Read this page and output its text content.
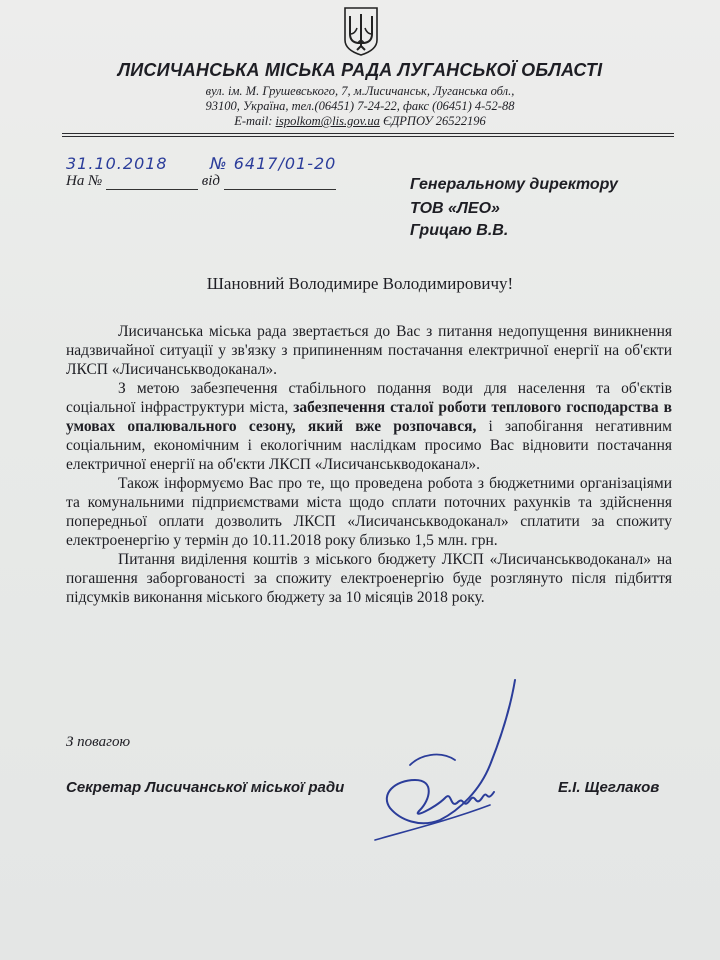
ЛИСИЧАНСЬКА МІСЬКА РАДА ЛУГАНСЬКОЇ ОБЛАСТІ
вул. ім. М. Грушевського, 7, м.Лисичанськ, Луганська обл.,
93100, Україна, тел.(06451) 7-24-22, факс (06451) 4-52-88
E-mail: ispolkom@lis.gov.ua ЄДРПОУ 26522196
31.10.2018	№ 6417/01-20
На №	від	Генеральному директору
ТОВ «ЛЕО»
Грицаю В.В.
Шановний Володимире Володимировичу!

Лисичанська міська рада звертається до Вас з питання недопущення виникнення надзвичайної ситуації у зв'язку з припиненням постачання електричної енергії на об'єкти ЛКСП «Лисичанськводоканал».

З метою забезпечення стабільного подання води для населення та об'єктів соціальної інфраструктури міста, забезпечення сталої роботи теплового господарства в умовах опалювального сезону, який вже розпочався, і запобігання негативним соціальним, економічним і екологічним наслідкам просимо Вас відновити постачання електричної енергії на об'єкти ЛКСП «Лисичанськводоканал».

Також інформуємо Вас про те, що проведена робота з бюджетними організаціями та комунальними підприємствами міста щодо сплати поточних рахунків та здійснення попередньої оплати дозволить ЛКСП «Лисичанськводоканал» сплатити за спожиту електроенергію у термін до 10.11.2018 року близько 1,5 млн. грн.

Питання виділення коштів з міського бюджету ЛКСП «Лисичанськводоканал» на погашення заборгованості за спожиту електроенергію буде розглянуто після підбиття підсумків виконання міського бюджету за 10 місяців 2018 року.

З повагою
Секретар Лисичанської міської ради	Е.І. Щеглаков
